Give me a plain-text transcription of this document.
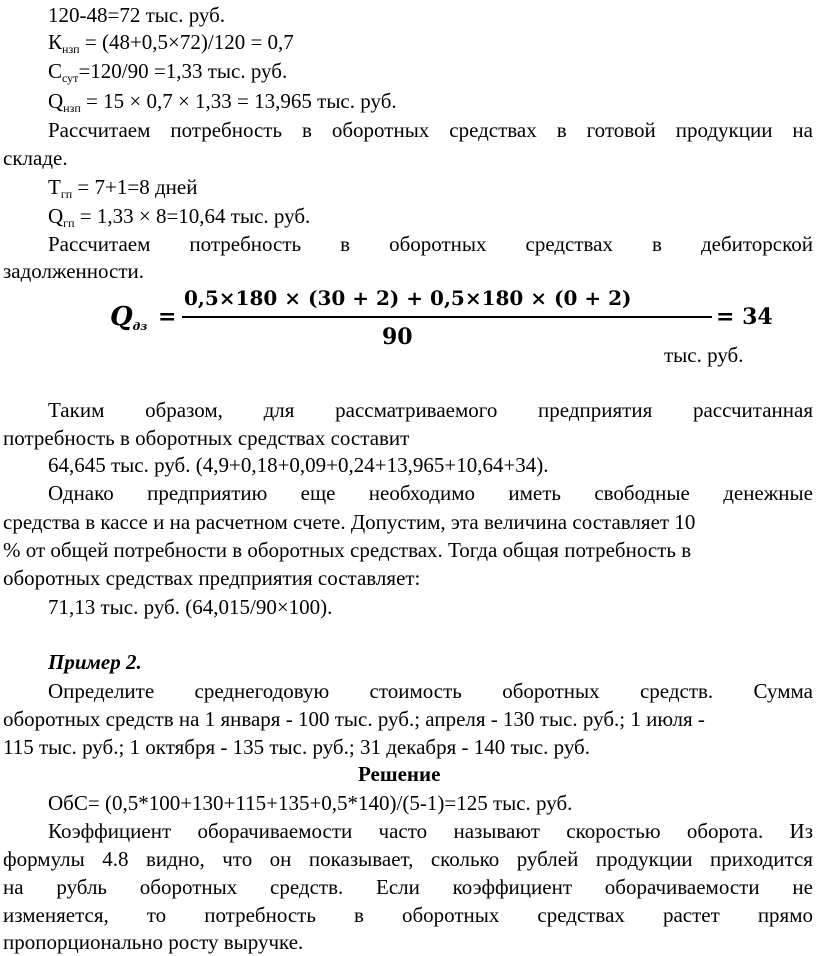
120-48=72 тыс. руб.
$К_{нзп} = (48+0,5\times 72)/120 = 0,7$
$С_{сут}=120/90 =1,33$ тыс. руб.
$Q_{нзп} = 15 \times 0,7 \times 1,33 = 13,965$ тыс. руб.
Рассчитаем потребность в оборотных средствах в готовой продукции на
складе.
$Т_{гп} = 7+1=8$ дней
$Q_{гп} = 1,33 \times 8=10,64$ тыс. руб.
Рассчитаем потребность в оборотных средствах в дебиторской
задолженности.
$Q_{дз}$ =
0,5×180 × (30 + 2) + 0,5×180 × (0 + 2)
90
= 34
тыс. руб.
Таким образом, для рассматриваемого предприятия рассчитанная
потребность в оборотных средствах составит
64,645 тыс. руб. (4,9+0,18+0,09+0,24+13,965+10,64+34).
Однако предприятию еще необходимо иметь свободные денежные
средства в кассе и на расчетном счете. Допустим, эта величина составляет 10
% от общей потребности в оборотных средствах. Тогда общая потребность в
оборотных средствах предприятия составляет:
71,13 тыс. руб. (64,015/90×100).
Пример 2.
Определите среднегодовую стоимость оборотных средств. Сумма
оборотных средств на 1 января - 100 тыс. руб.; апреля - 130 тыс. руб.; 1 июля -
115 тыс. руб.; 1 октября - 135 тыс. руб.; 31 декабря - 140 тыс. руб.
Решение
ОбС= (0,5*100+130+115+135+0,5*140)/(5-1)=125 тыс. руб.
Коэффициент оборачиваемости часто называют скоростью оборота. Из
формулы 4.8 видно, что он показывает, сколько рублей продукции приходится
на рубль оборотных средств. Если коэффициент оборачиваемости не
изменяется, то потребность в оборотных средствах растет прямо
пропорционально росту выручке.
